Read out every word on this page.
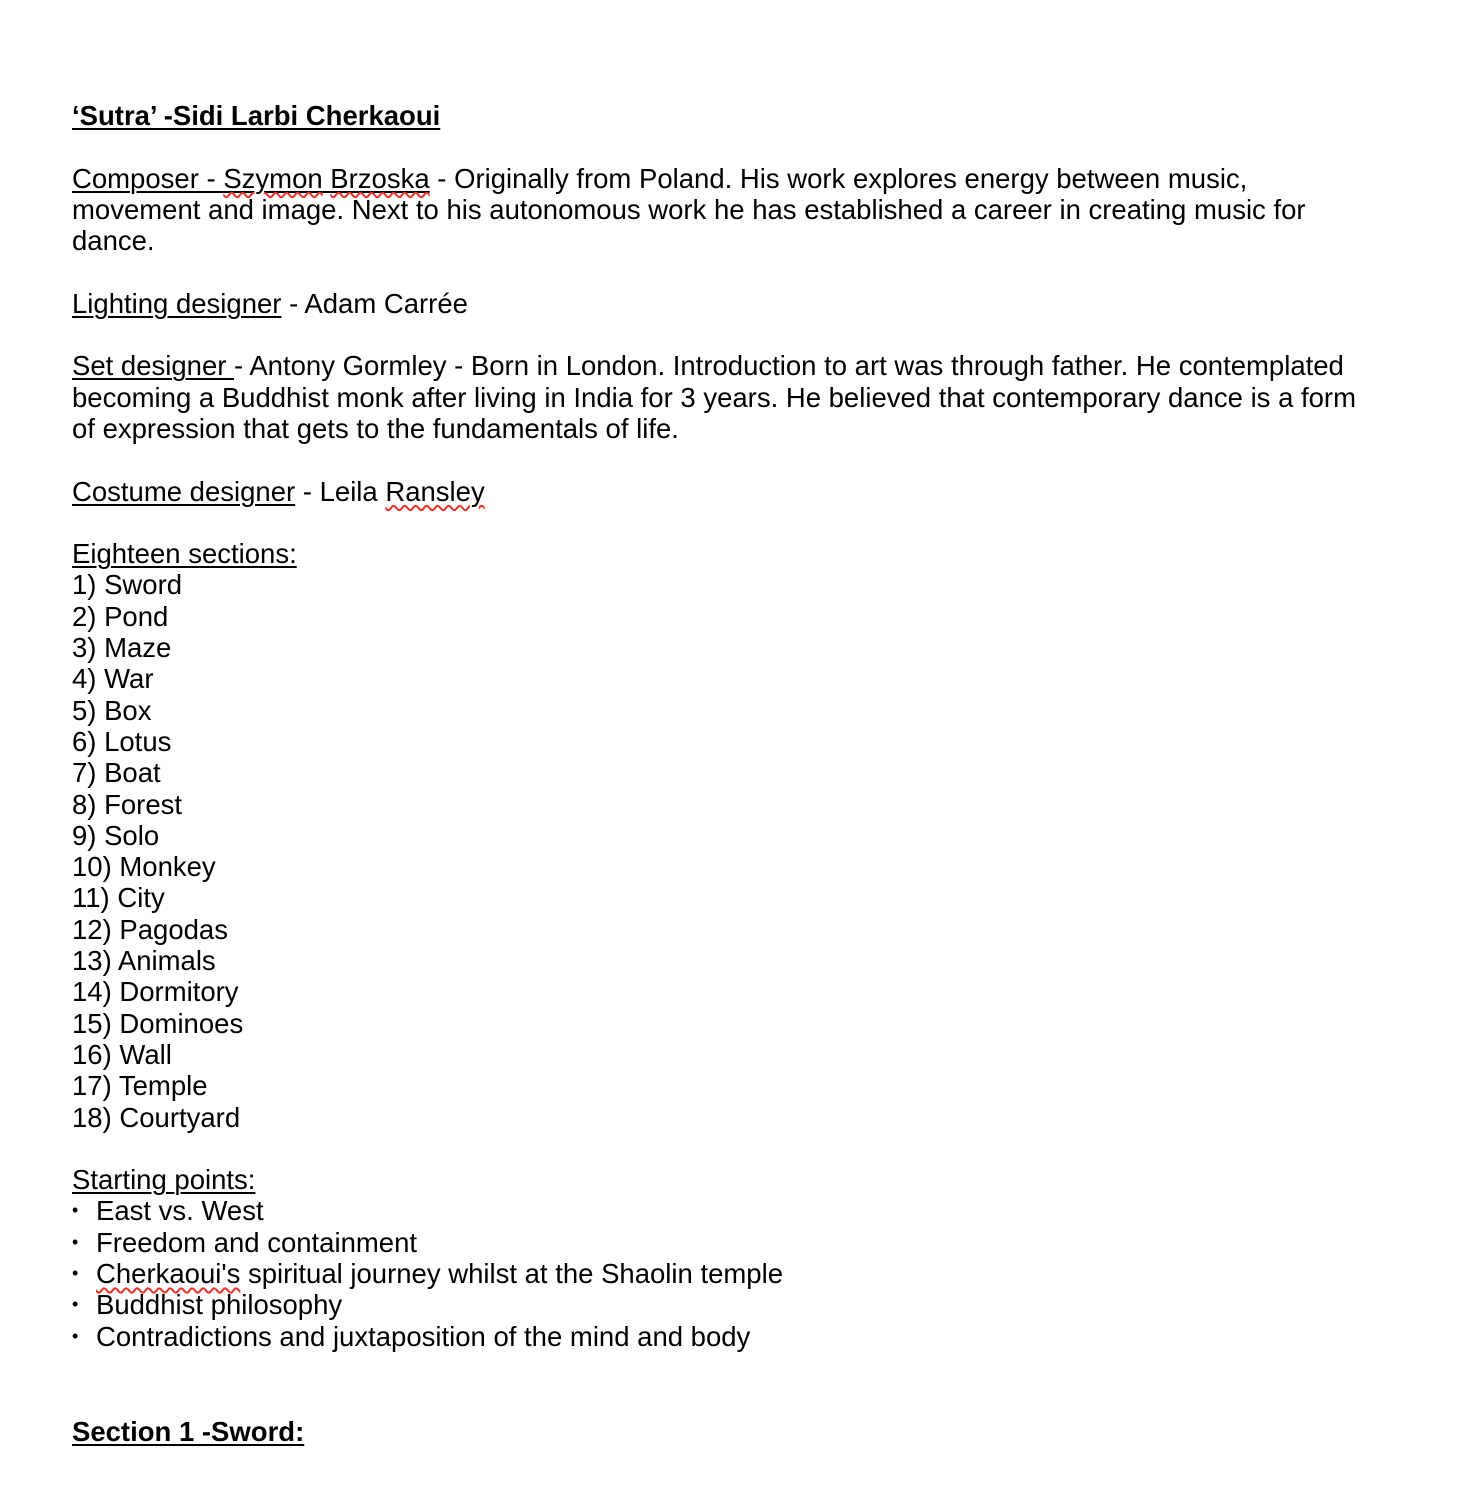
‘Sutra’ -Sidi Larbi Cherkaoui

Composer - Szymon Brzoska - Originally from Poland. His work explores energy between music, movement and image. Next to his autonomous work he has established a career in creating music for dance.

Lighting designer - Adam Carrée

Set designer - Antony Gormley - Born in London. Introduction to art was through father. He contemplated becoming a Buddhist monk after living in India for 3 years. He believed that contemporary dance is a form of expression that gets to the fundamentals of life.

Costume designer - Leila Ransley

Eighteen sections:

1) Sword
2) Pond
3) Maze
4) War
5) Box
6) Lotus
7) Boat
8) Forest
9) Solo
10) Monkey
11) City
12) Pagodas
13) Animals
14) Dormitory
15) Dominoes
16) Wall
17) Temple
18) Courtyard

Starting points:

• East vs. West
• Freedom and containment
• Cherkaoui's spiritual journey whilst at the Shaolin temple
• Buddhist philosophy
• Contradictions and juxtaposition of the mind and body

Section 1 -Sword:
